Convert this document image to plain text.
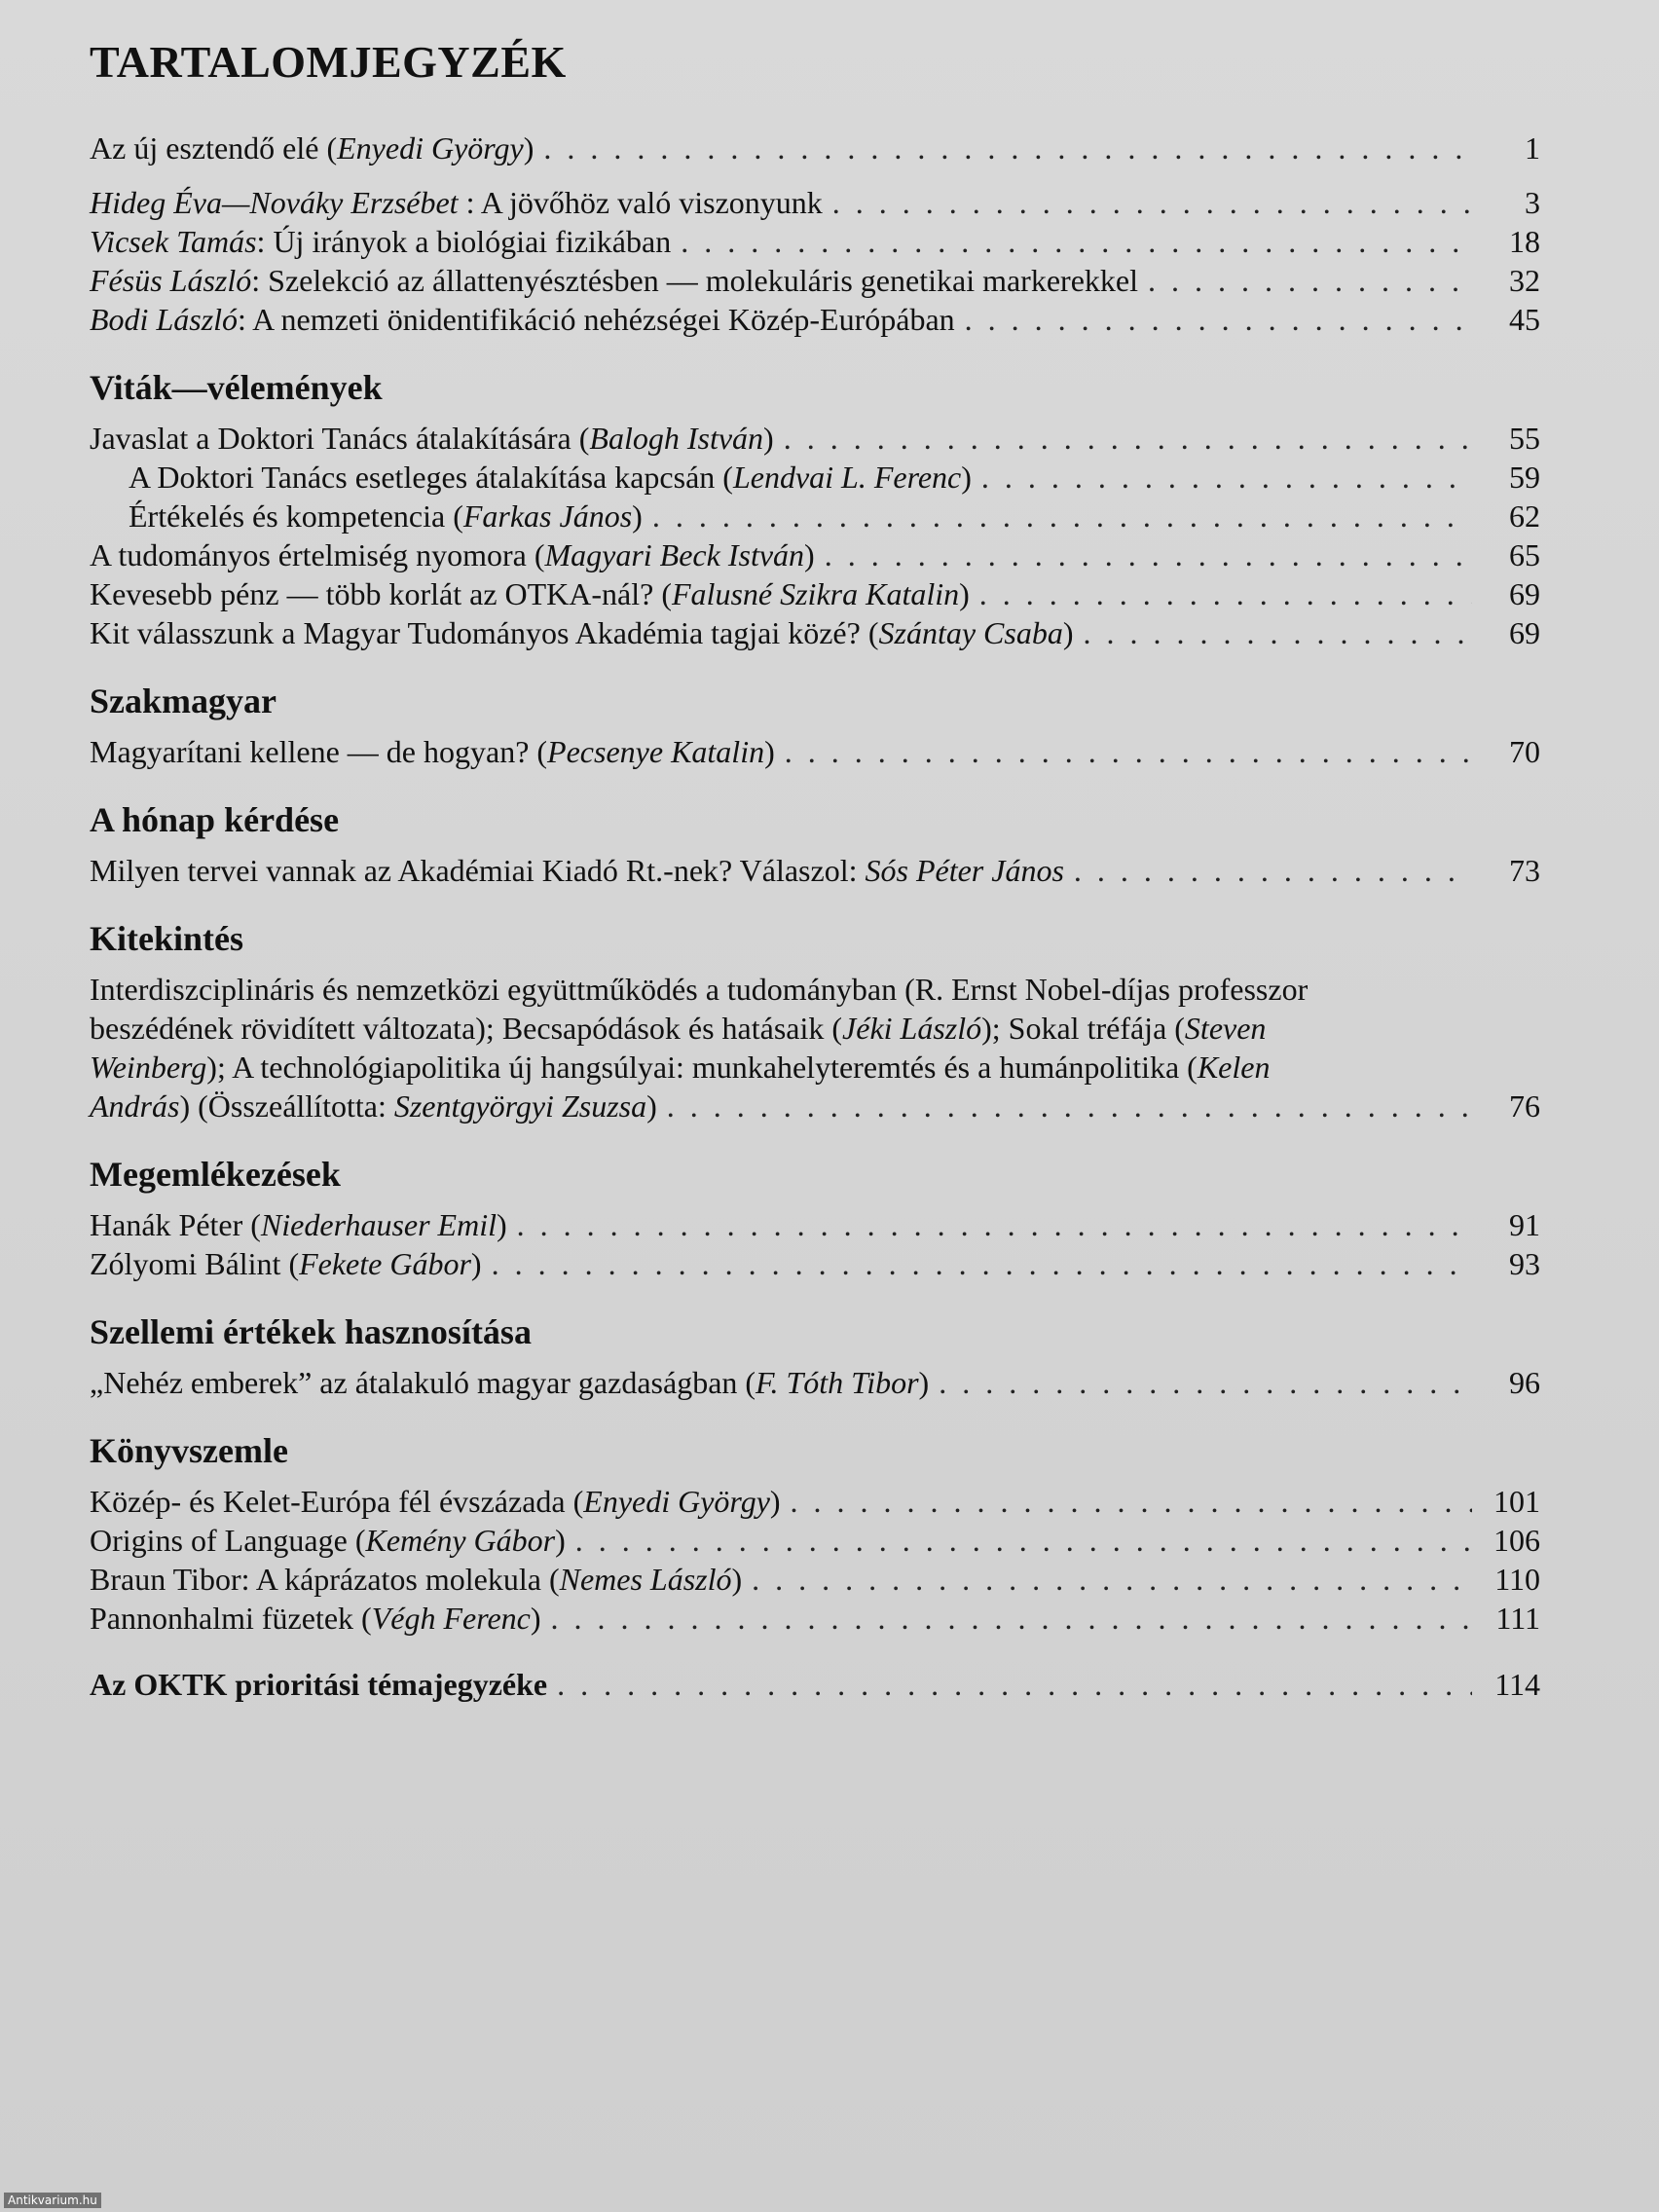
TARTALOMJEGYZÉK
Az új esztendő elé (Enyedi György) . . .	1
Hideg Éva—Nováky Erzsébet : A jövőhöz való viszonyunk . . .	3
Vicsek Tamás: Új irányok a biológiai fizikában . . .	18
Fésüs László: Szelekció az állattenyésztésben — molekuláris genetikai markerekkel . . .	32
Bodi László: A nemzeti önidentifikáció nehézségei Közép-Európában . . .	45
Viták—vélemények
Javaslat a Doktori Tanács átalakítására (Balogh István) . . .	55
A Doktori Tanács esetleges átalakítása kapcsán (Lendvai L. Ferenc) . . .	59
Értékelés és kompetencia (Farkas János) . . .	62
A tudományos értelmiség nyomora (Magyari Beck István) . . .	65
Kevesebb pénz — több korlát az OTKA-nál? (Falusné Szikra Katalin) . . .	69
Kit válasszunk a Magyar Tudományos Akadémia tagjai közé? (Szántay Csaba) . . .	69
Szakmagyar
Magyarítani kellene — de hogyan? (Pecsenye Katalin) . . .	70
A hónap kérdése
Milyen tervei vannak az Akadémiai Kiadó Rt.-nek? Válaszol: Sós Péter János . . .	73
Kitekintés
Interdiszciplináris és nemzetközi együttműködés a tudományban (R. Ernst Nobel-díjas professzor
beszédének rövidített változata); Becsapódások és hatásaik (Jéki László); Sokal tréfája (Steven
Weinberg); A technológiapolitika új hangsúlyai: munkahelyteremtés és a humánpolitika (Kelen
András) (Összeállította: Szentgyörgyi Zsuzsa) . . .	76
Megemlékezések
Hanák Péter (Niederhauser Emil) . . .	91
Zólyomi Bálint (Fekete Gábor) . . .	93
Szellemi értékek hasznosítása
„Nehéz emberek” az átalakuló magyar gazdaságban (F. Tóth Tibor) . . .	96
Könyvszemle
Közép- és Kelet-Európa fél évszázada (Enyedi György) . . .	101
Origins of Language (Kemény Gábor) . . .	106
Braun Tibor: A káprázatos molekula (Nemes László) . . .	110
Pannonhalmi füzetek (Végh Ferenc) . . .	111
Az OKTK prioritási témajegyzéke . . .	114
Antikvarium.hu
